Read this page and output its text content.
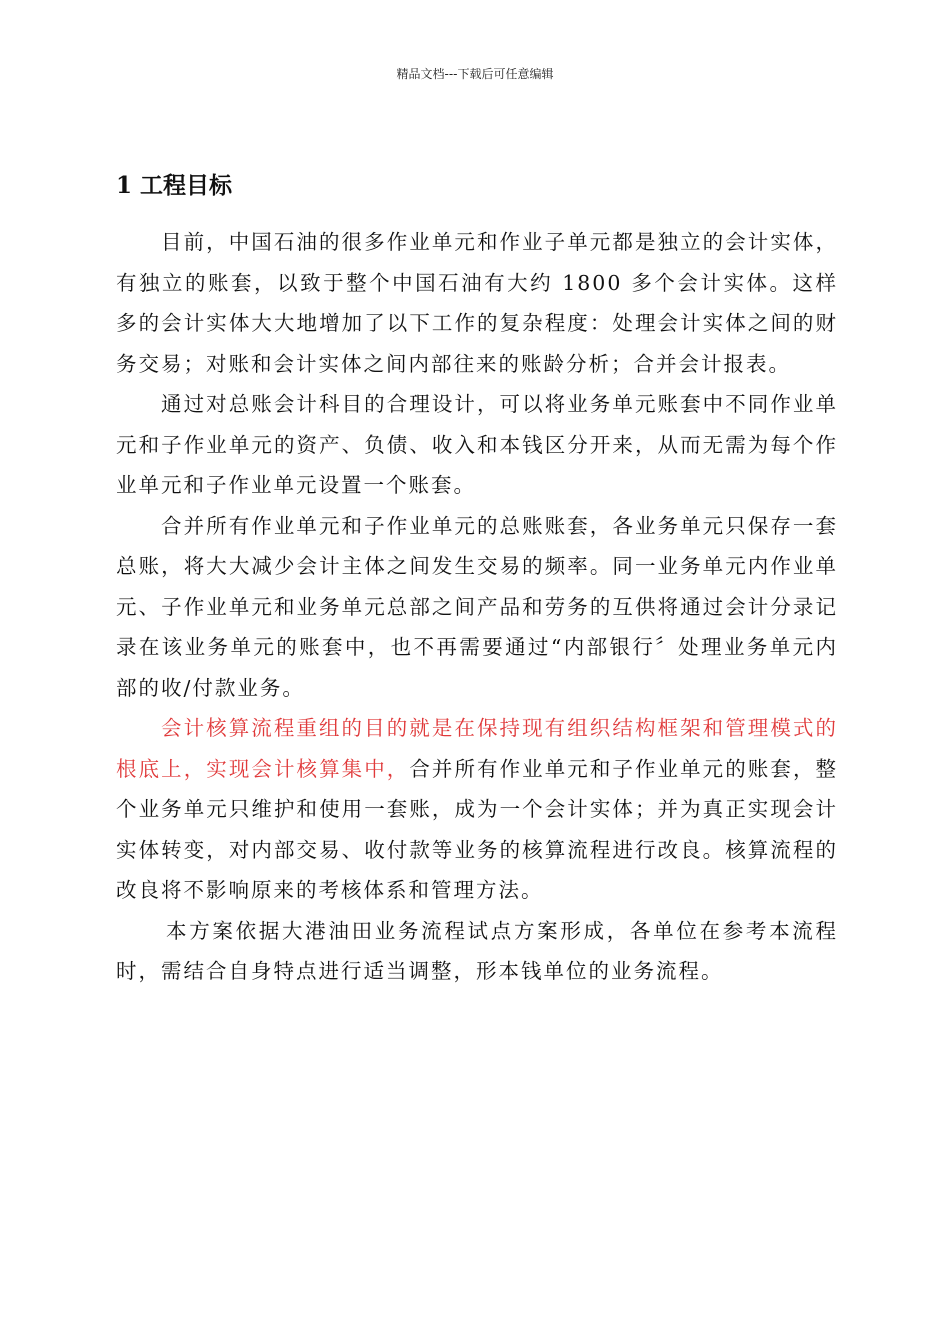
精品文档---下载后可任意编辑
1 工程目标

目前，中国石油的很多作业单元和作业子单元都是独立的会计实体，有独立的账套，以致于整个中国石油有大约 1800 多个会计实体。这样多的会计实体大大地增加了以下工作的复杂程度：处理会计实体之间的财务交易；对账和会计实体之间内部往来的账龄分析；合并会计报表。

通过对总账会计科目的合理设计，可以将业务单元账套中不同作业单元和子作业单元的资产、负债、收入和本钱区分开来，从而无需为每个作业单元和子作业单元设置一个账套。

合并所有作业单元和子作业单元的总账账套，各业务单元只保存一套总账，将大大减少会计主体之间发生交易的频率。同一业务单元内作业单元、子作业单元和业务单元总部之间产品和劳务的互供将通过会计分录记录在该业务单元的账套中，也不再需要通过“内部银行〞处理业务单元内部的收/付款业务。

会计核算流程重组的目的就是在保持现有组织结构框架和管理模式的根底上，实现会计核算集中，合并所有作业单元和子作业单元的账套，整个业务单元只维护和使用一套账，成为一个会计实体；并为真正实现会计实体转变，对内部交易、收付款等业务的核算流程进行改良。核算流程的改良将不影响原来的考核体系和管理方法。

本方案依据大港油田业务流程试点方案形成，各单位在参考本流程时，需结合自身特点进行适当调整，形本钱单位的业务流程。
